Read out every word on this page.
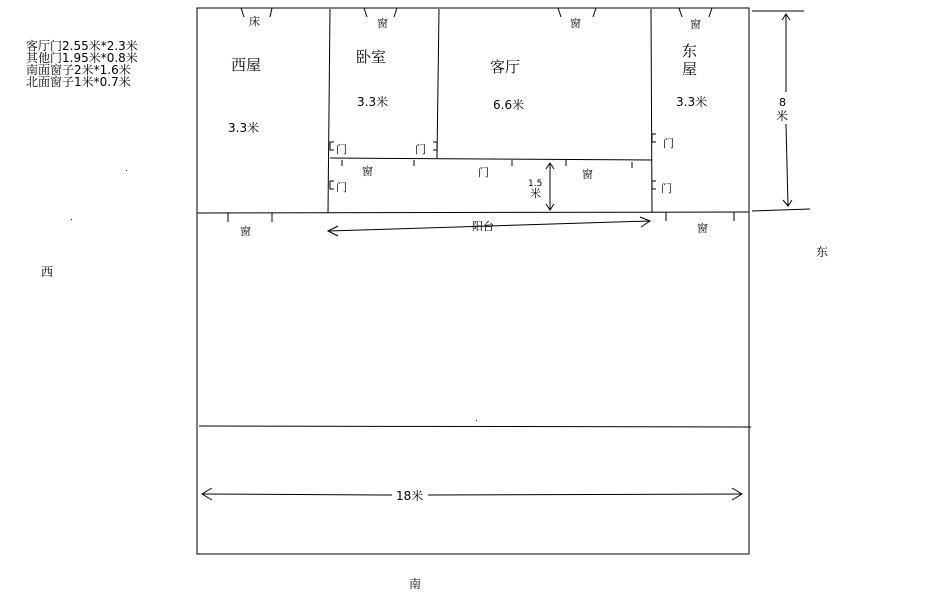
客厅门2.55米*2.3米
其他门1.95米*0.8米
南面窗子2米*1.6米
北面窗子1米*0.7米
西
东
南
西屋
3.3米
卧室
3.3米
客厅
6.6米
东
屋
3.3米
阳台
床	窗	窗	窗
窗	窗
窗	窗
门	门	门
门
门	门
1.5
米
8
米
18米
